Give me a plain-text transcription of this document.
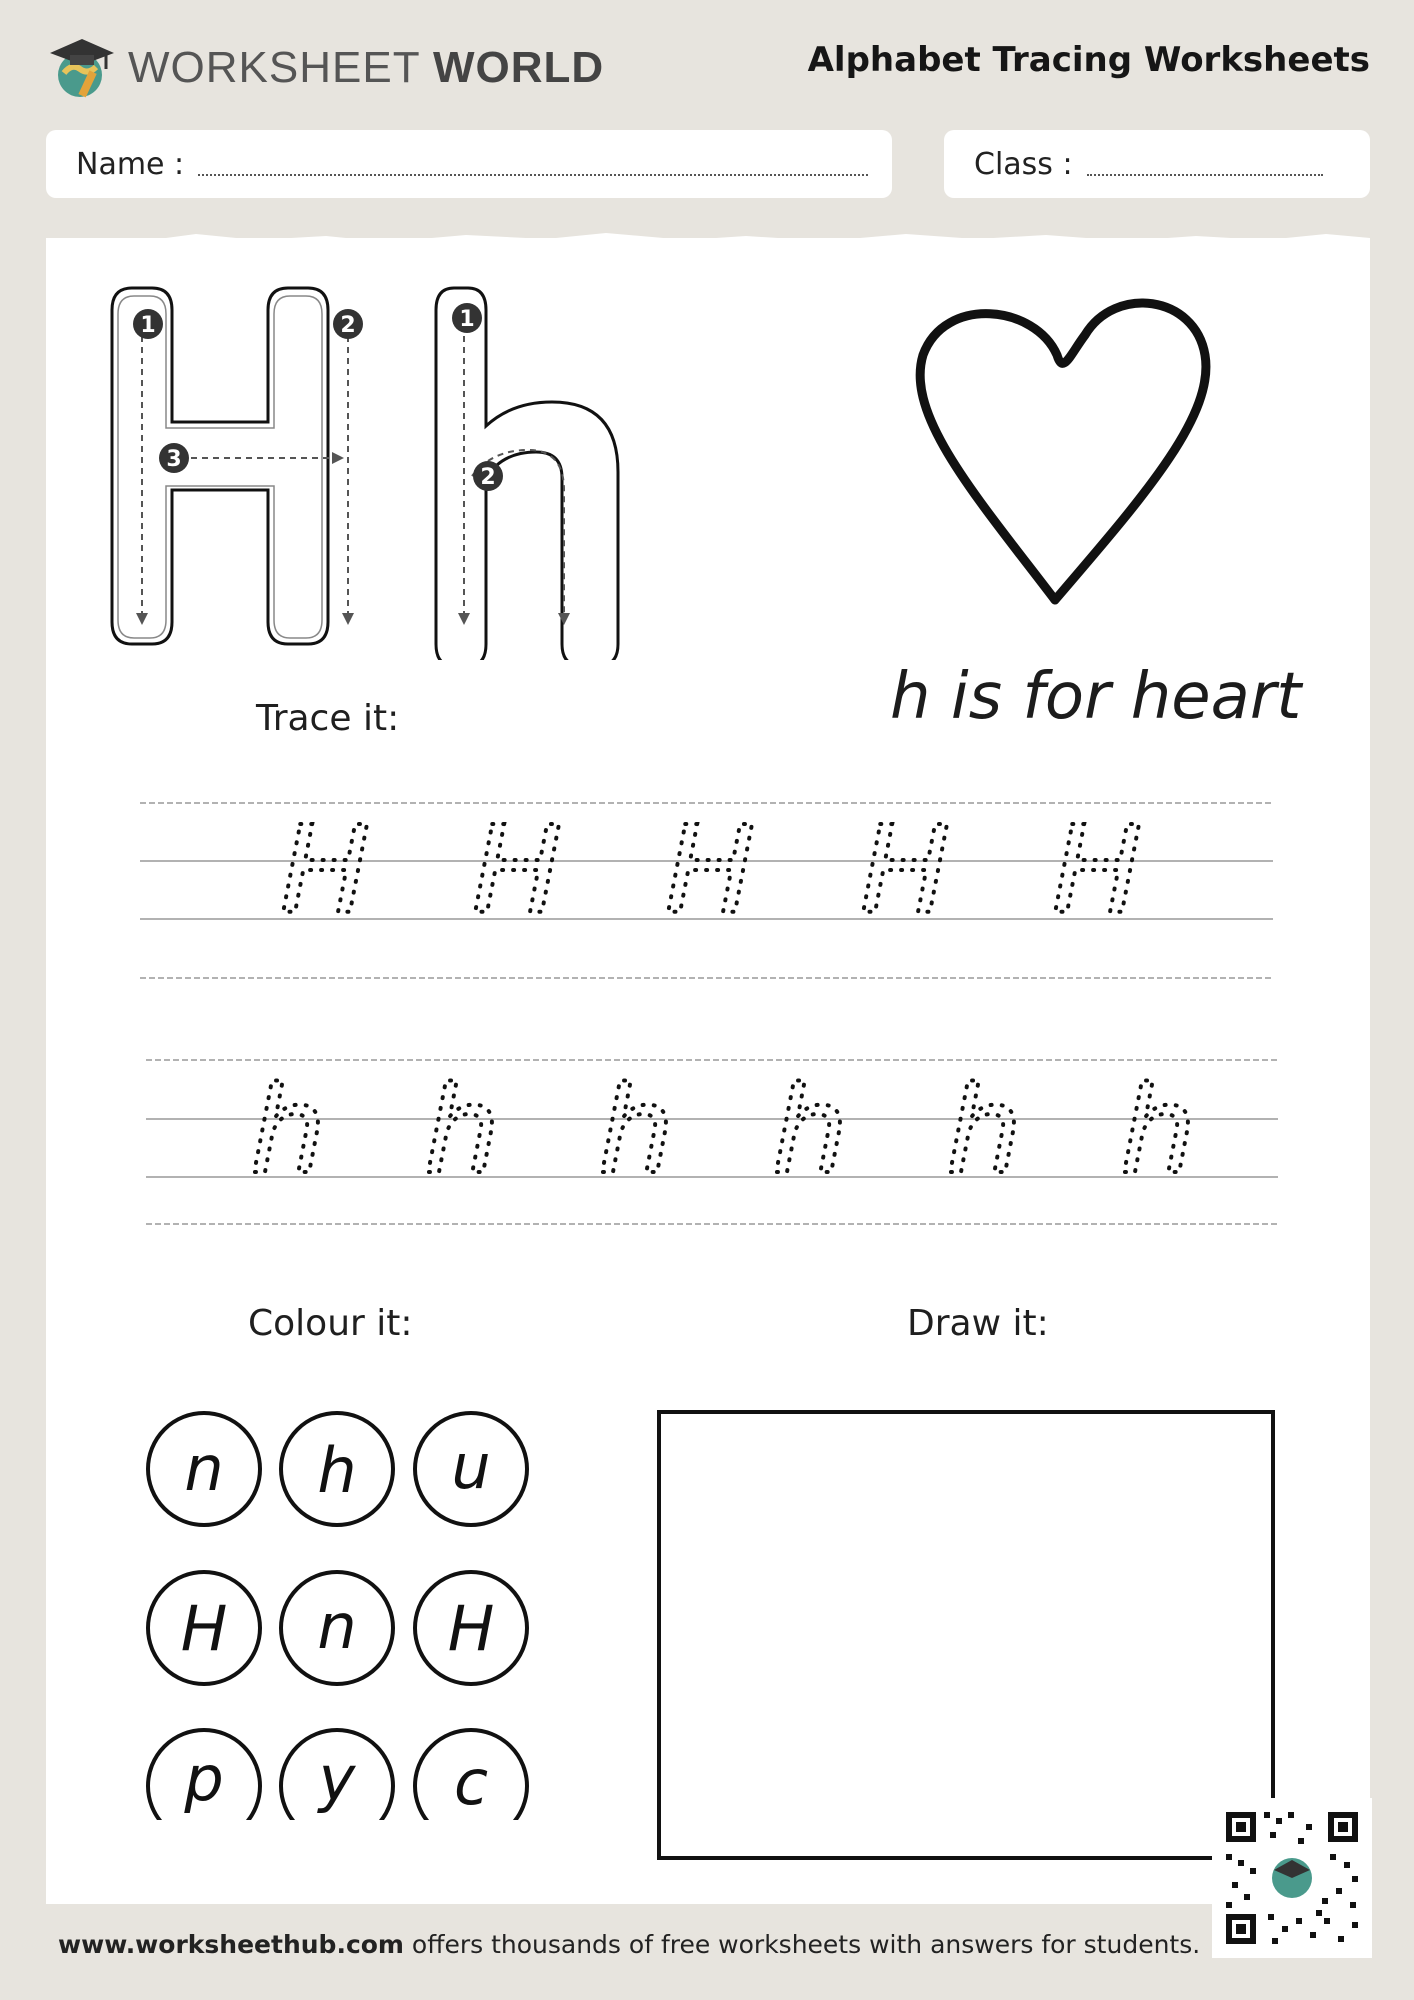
WORKSHEET WORLD	Alphabet Tracing Worksheets
Name :	Class :
1	2
3
1
2
h is for heart
Trace it:
H H H H H
h h h h h h
Colour it:
n h u
H n H
p y c
Draw it:
www.worksheethub.com offers thousands of free worksheets with answers for students.
